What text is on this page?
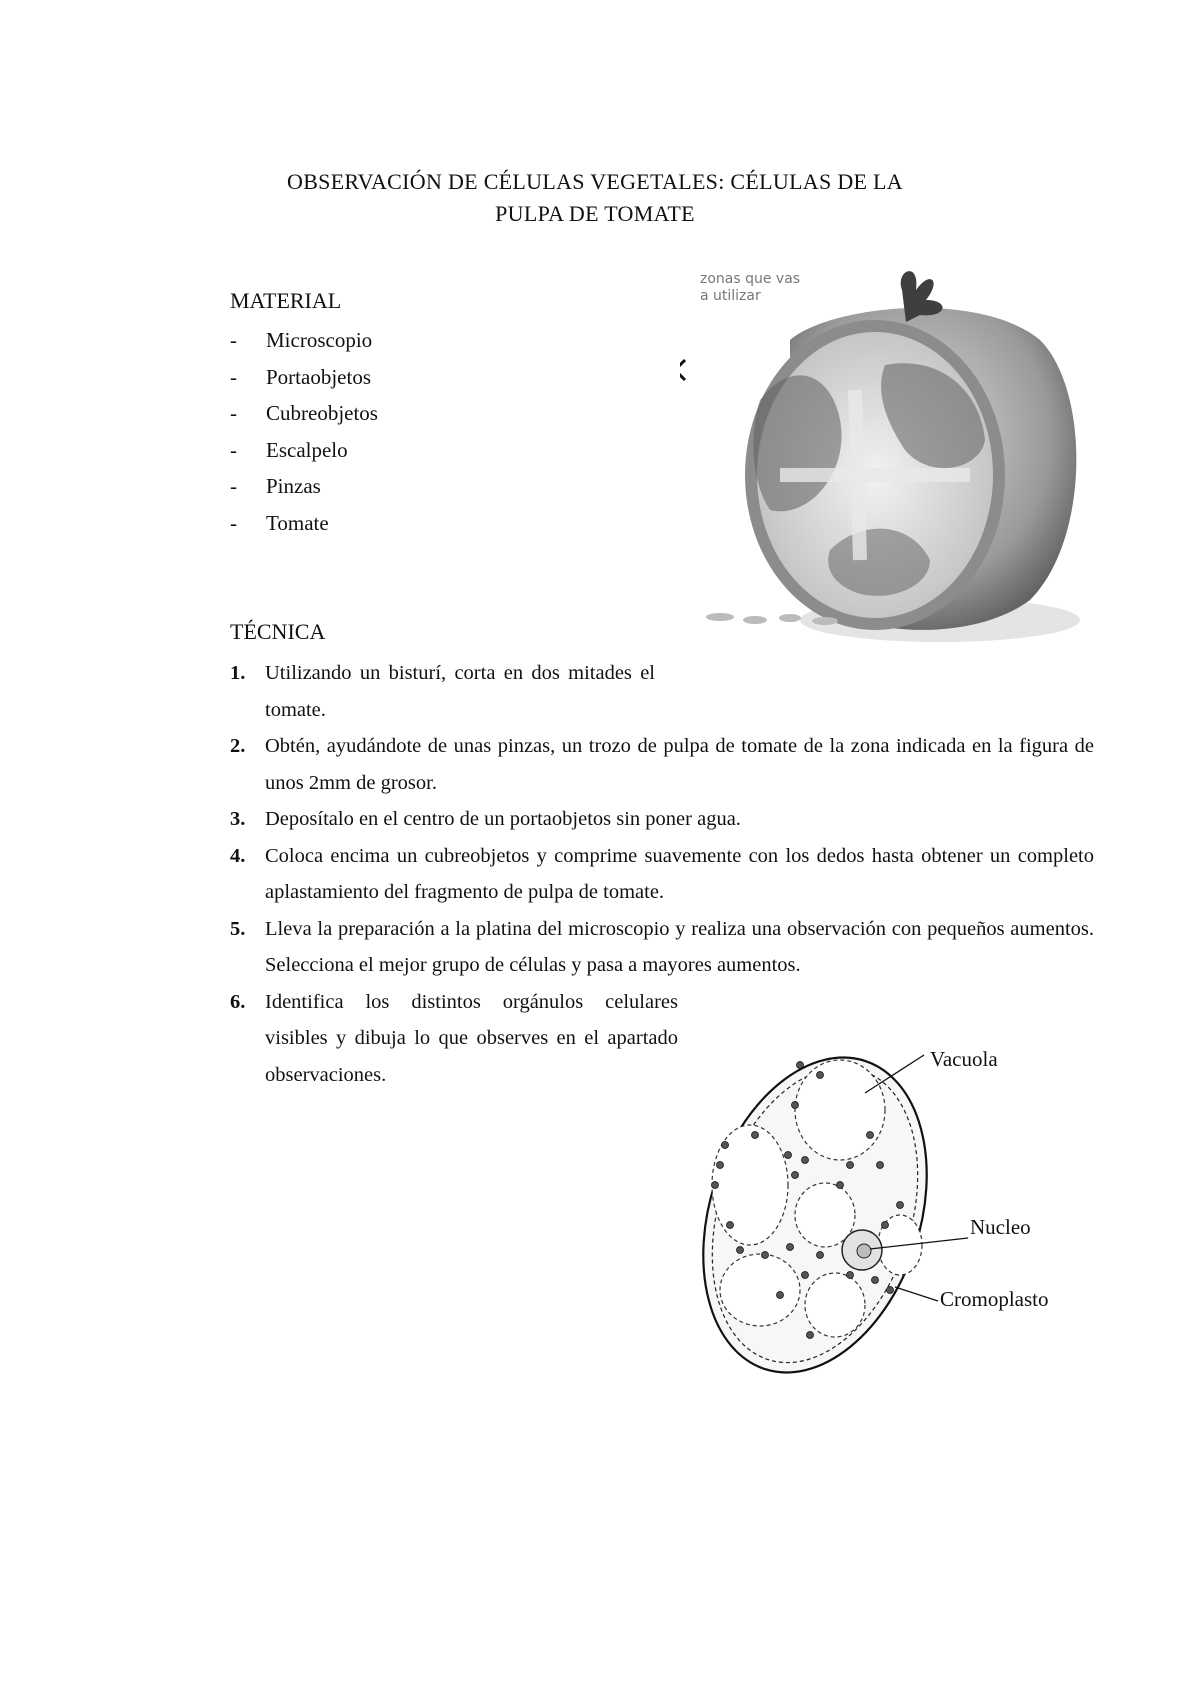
OBSERVACIÓN DE CÉLULAS VEGETALES: CÉLULAS DE LA
PULPA DE TOMATE
MATERIAL
-	Microscopio
-	Portaobjetos
-	Cubreobjetos
-	Escalpelo
-	Pinzas
-	Tomate
TÉCNICA
1. Utilizando un bisturí, corta en dos mitades el tomate.
2. Obtén, ayudándote de unas pinzas, un trozo de pulpa de tomate de la zona indicada en la figura de unos 2mm de grosor.
3. Deposítalo en el centro de un portaobjetos sin poner agua.
4. Coloca encima un cubreobjetos y comprime suavemente con los dedos hasta obtener un completo aplastamiento del fragmento de pulpa de tomate.
5. Lleva la preparación a la platina del microscopio y realiza una observación con pequeños aumentos. Selecciona el mejor grupo de células y pasa a mayores aumentos.
6. Identifica los distintos orgánulos celulares visibles y dibuja lo que observes en el apartado observaciones.
zonas que vas
a utilizar
Vacuola
Nucleo
Cromoplasto
